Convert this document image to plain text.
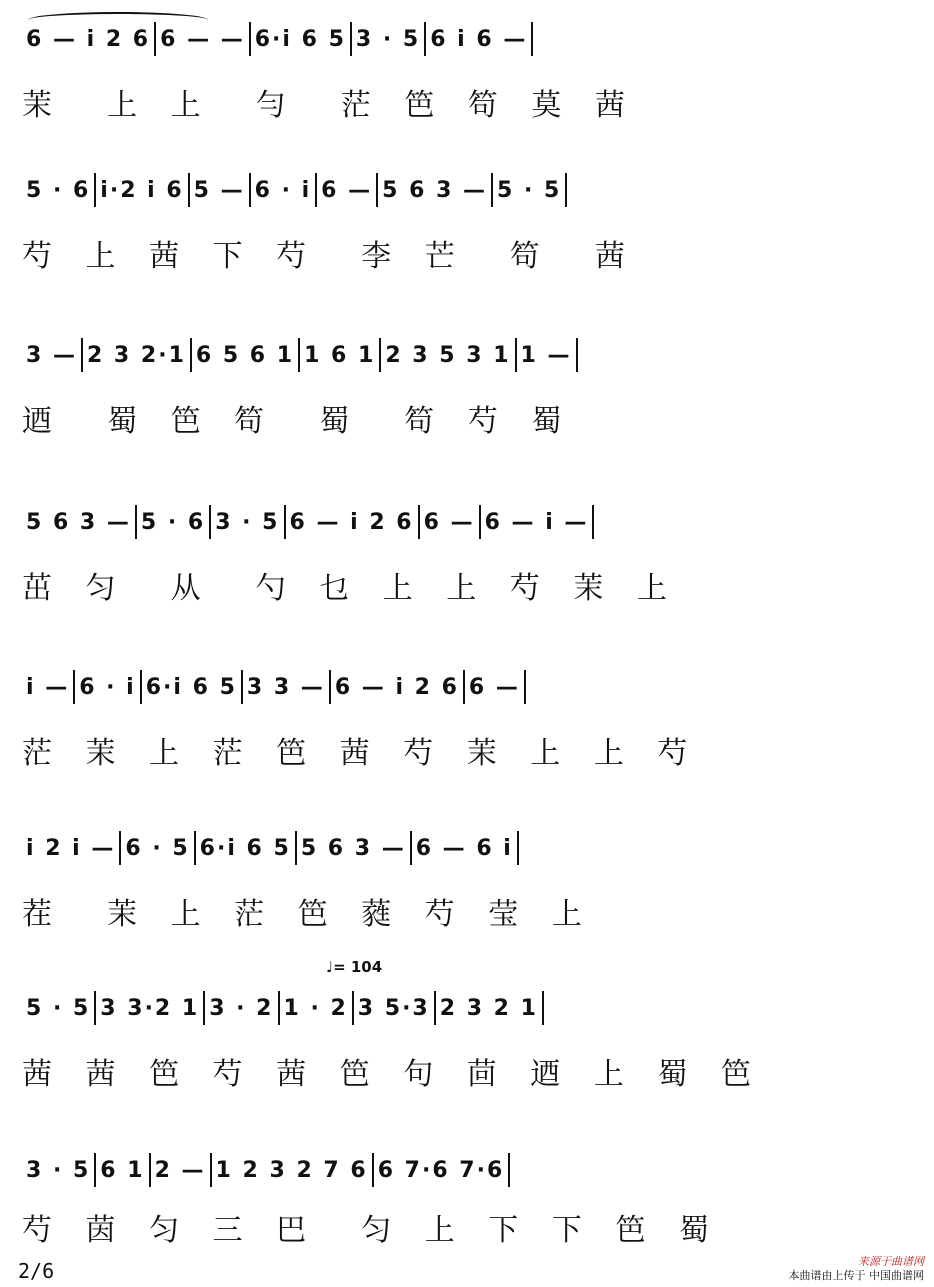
6 — i 2 6 6 — — 6·i 6 5 3 · 5 6 i 6 —
茉  上 上  勻  茫 笆 笱 莫 茜
5 · 6 i·2 i 6 5 — 6 · i 6 — 5 6 3 — 5 · 5
芍 上 茜 下 芍  李 芒  笱  茜
3 — 2 3 2·1 6 5 6 1 1 6 1 2 3 5 3 1 1 —
迺  蜀 笆 笱  蜀  笱 芍 蜀
5 6 3 — 5 · 6 3 · 5 6 — i 2 6 6 — 6 — i —
茁 匀  从  勺 乜 上 上 芍 茉 上
i — 6 · i 6·i 6 5 3 3 — 6 — i 2 6 6 —
茫 茉 上 茫 笆 茜 芍 茉 上 上 芍
i 2 i — 6 · 5 6·i 6 5 5 6 3 — 6 — 6 i
茬  茉 上 茫 笆 蕤 芍 莹 上
♩= 104
5 · 5 3 3·2 1 3 · 2 1 · 2 3 5·3 2 3 2 1
茜 茜 笆 芍 茜 笆 句 茴 迺 上 蜀 笆
3 · 5 6 1 2 — 1 2 3 2 7 6 6 7·6 7·6
芍 茵 匀 三 巴  匀 上 下 下 笆 蜀
2/6	来源于曲谱网
本曲谱由上传于 中国曲谱网
